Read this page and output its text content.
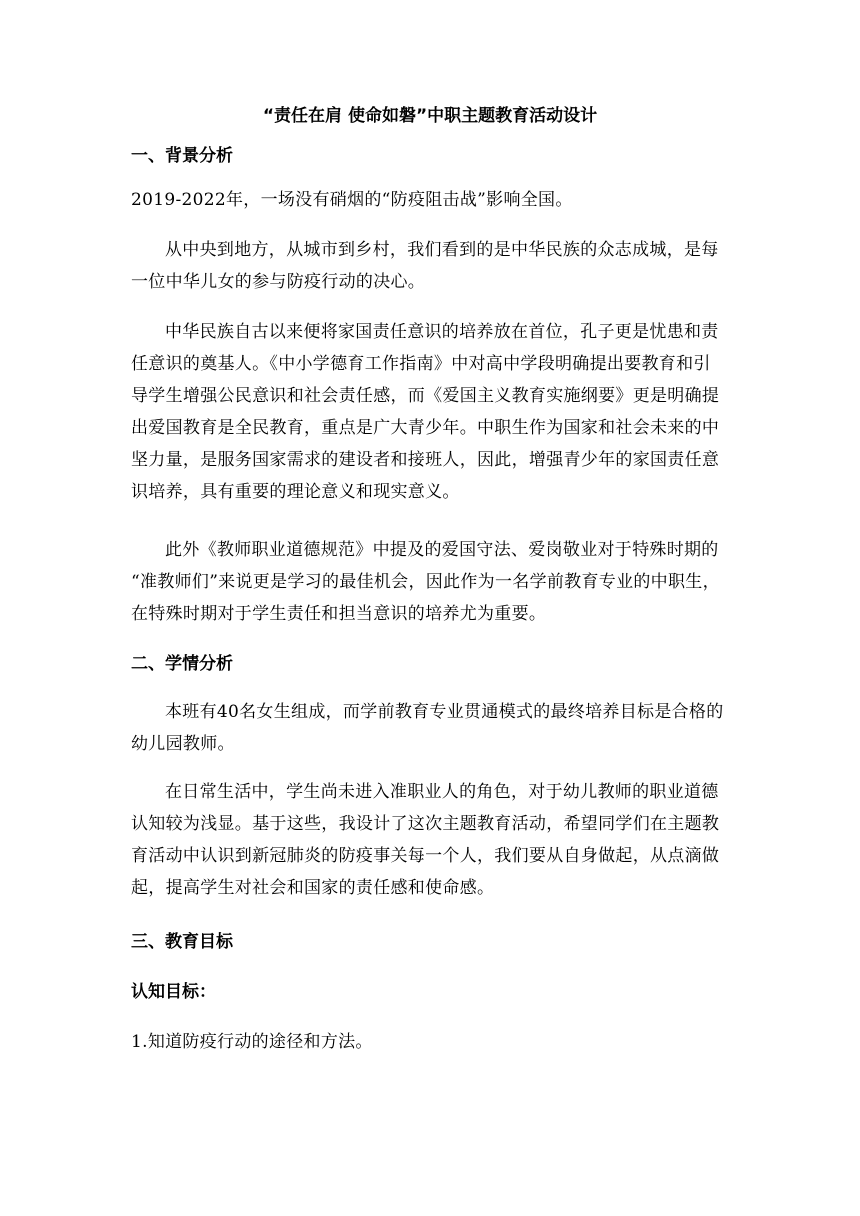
“责任在肩 使命如磐”中职主题教育活动设计
一、背景分析
2019-2022年，一场没有硝烟的“防疫阻击战”影响全国。
从中央到地方，从城市到乡村，我们看到的是中华民族的众志成城，是每
一位中华儿女的参与防疫行动的决心。
中华民族自古以来便将家国责任意识的培养放在首位，孔子更是忧患和责
任意识的奠基人。《中小学德育工作指南》中对高中学段明确提出要教育和引
导学生增强公民意识和社会责任感，而《爱国主义教育实施纲要》更是明确提
出爱国教育是全民教育，重点是广大青少年。中职生作为国家和社会未来的中
坚力量，是服务国家需求的建设者和接班人，因此，增强青少年的家国责任意
识培养，具有重要的理论意义和现实意义。
此外《教师职业道德规范》中提及的爱国守法、爱岗敬业对于特殊时期的
“准教师们”来说更是学习的最佳机会，因此作为一名学前教育专业的中职生，
在特殊时期对于学生责任和担当意识的培养尤为重要。
二、学情分析
本班有40名女生组成，而学前教育专业贯通模式的最终培养目标是合格的
幼儿园教师。
在日常生活中，学生尚未进入准职业人的角色，对于幼儿教师的职业道德
认知较为浅显。基于这些，我设计了这次主题教育活动，希望同学们在主题教
育活动中认识到新冠肺炎的防疫事关每一个人，我们要从自身做起，从点滴做
起，提高学生对社会和国家的责任感和使命感。
三、教育目标
认知目标：
1.知道防疫行动的途径和方法。
